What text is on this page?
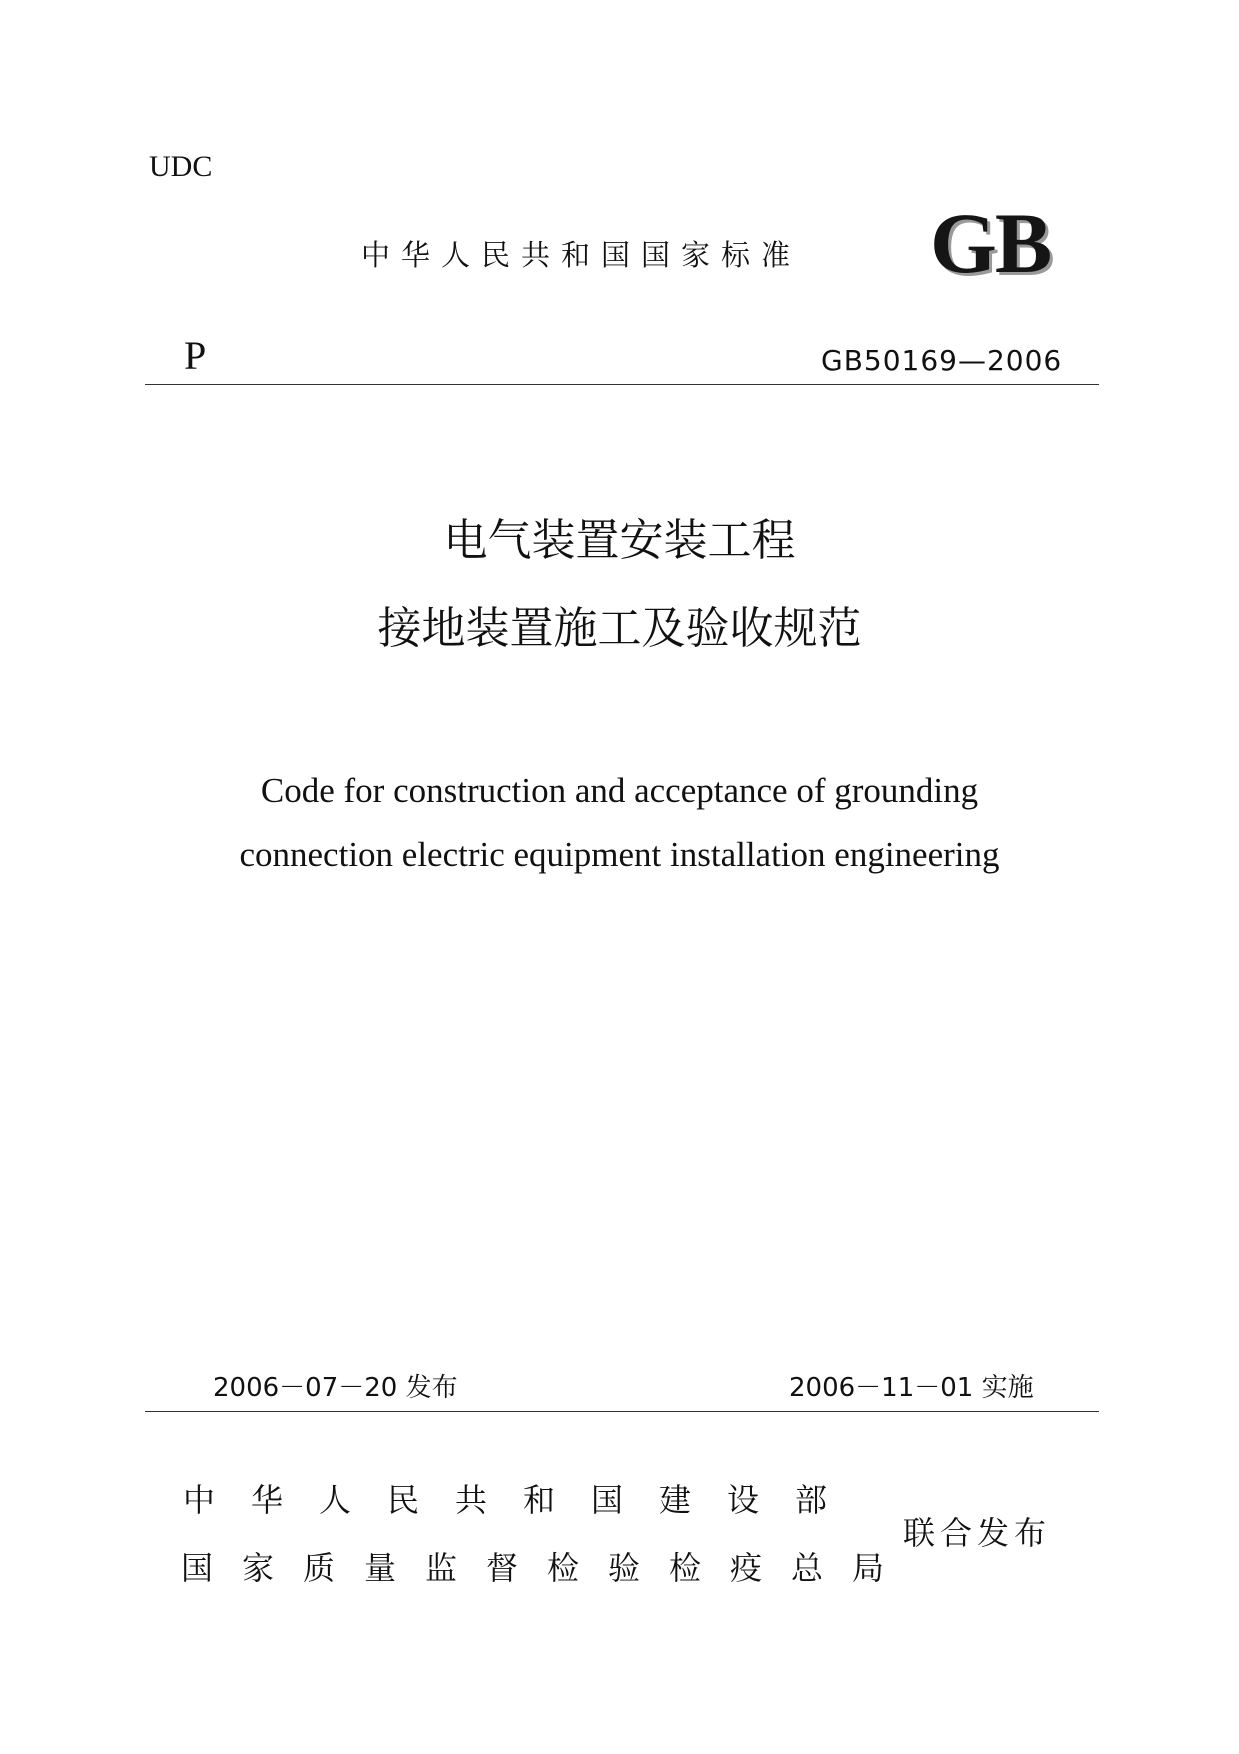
UDC
中华人民共和国国家标准 GB
P	GB50169—2006
电气装置安装工程
接地装置施工及验收规范
Code for construction and acceptance of grounding
connection electric equipment installation engineering
2006－07－20 发布	2006－11－01 实施
中华人民共和国建设部
国家质量监督检验检疫总局
联合发布
